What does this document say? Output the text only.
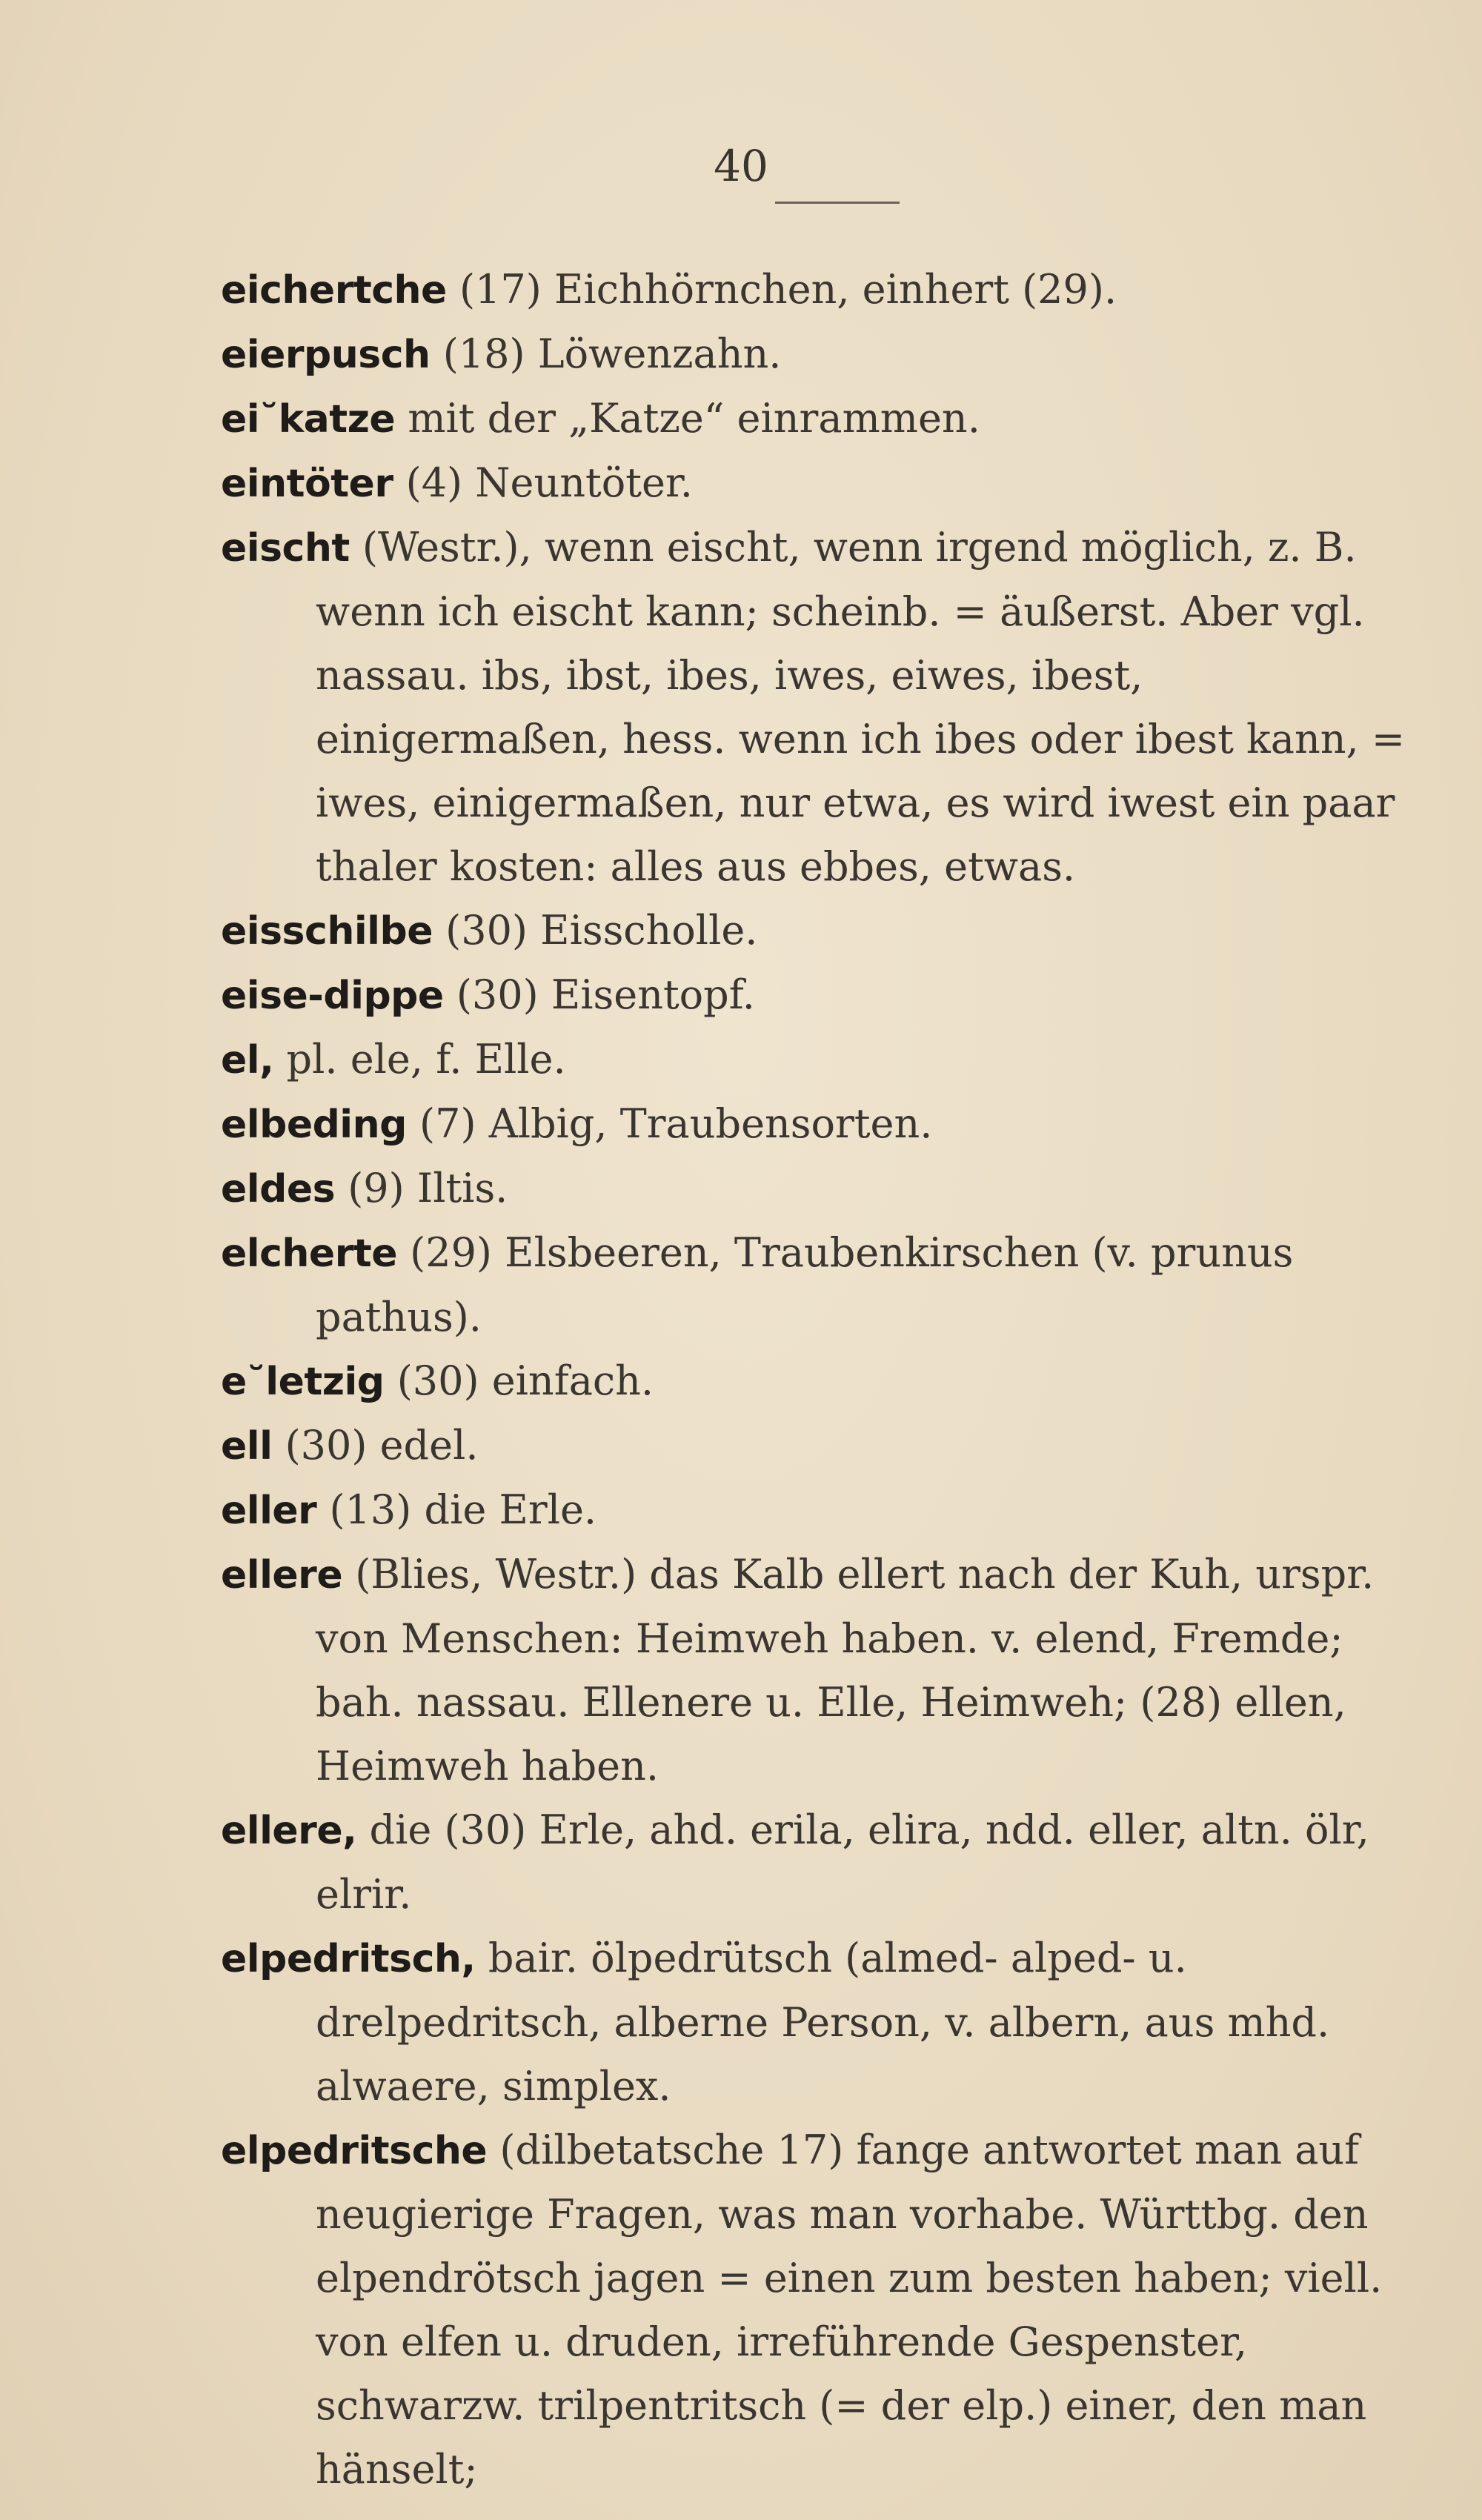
40
eichertche (17) Eichhörnchen, einhert (29).
eierpusch (18) Löwenzahn.
ei˘katze mit der „Katze“ einrammen.
eintöter (4) Neuntöter.
eischt (Westr.), wenn eischt, wenn irgend möglich, z. B. wenn ich eischt kann; scheinb. = äußerst. Aber vgl. nassau. ibs, ibst, ibes, iwes, eiwes, ibest, einigermaßen, hess. wenn ich ibes oder ibest kann, = iwes, einigermaßen, nur etwa, es wird iwest ein paar thaler kosten: alles aus ebbes, etwas.
eisschilbe (30) Eisscholle.
eise-dippe (30) Eisentopf.
el, pl. ele, f. Elle.
elbeding (7) Albig, Traubensorten.
eldes (9) Iltis.
elcherte (29) Elsbeeren, Traubenkirschen (v. prunus pathus).
e˘letzig (30) einfach.
ell (30) edel.
eller (13) die Erle.
ellere (Blies, Westr.) das Kalb ellert nach der Kuh, urspr. von Menschen: Heimweh haben. v. elend, Fremde; bah. nassau. Ellenere u. Elle, Heimweh; (28) ellen, Heimweh haben.
ellere, die (30) Erle, ahd. erila, elira, ndd. eller, altn. ölr, elrir.
elpedritsch, bair. ölpedrütsch (almed- alped- u. drelpedritsch, alberne Person, v. albern, aus mhd. alwaere, simplex.
elpedritsche (dilbetatsche 17) fange antwortet man auf neugierige Fragen, was man vorhabe. Württbg. den elpendrötsch jagen = einen zum besten haben; viell. von elfen u. druden, irreführende Gespenster, schwarzw. trilpentritsch (= der elp.) einer, den man hänselt;
